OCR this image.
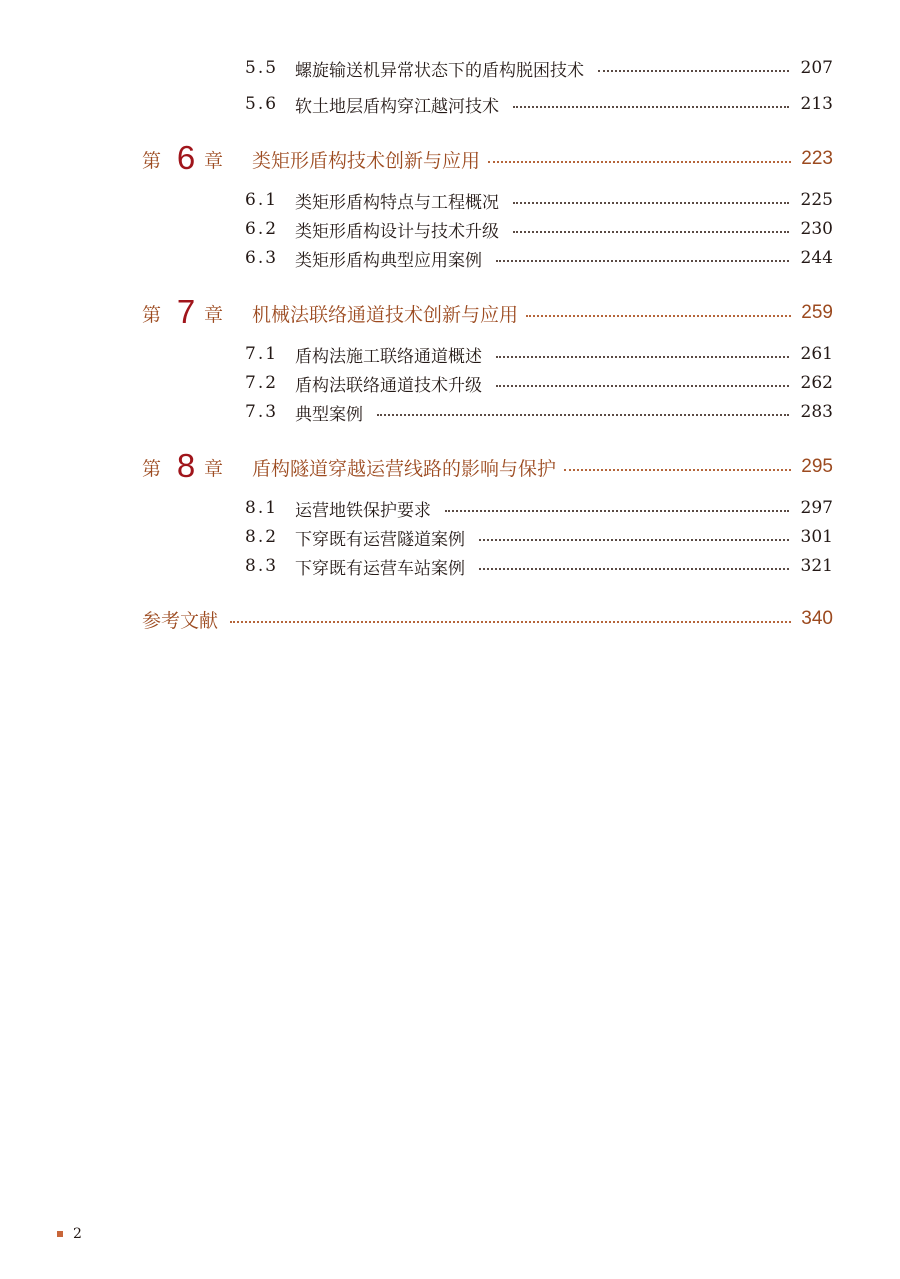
5.5 螺旋输送机异常状态下的盾构脱困技术	207
5.6 软土地层盾构穿江越河技术	213
第 6 章	类矩形盾构技术创新与应用	223
6.1 类矩形盾构特点与工程概况	225
6.2 类矩形盾构设计与技术升级	230
6.3 类矩形盾构典型应用案例	244
第 7 章	机械法联络通道技术创新与应用	259
7.1 盾构法施工联络通道概述	261
7.2 盾构法联络通道技术升级	262
7.3 典型案例	283
第 8 章	盾构隧道穿越运营线路的影响与保护	295
8.1 运营地铁保护要求	297
8.2 下穿既有运营隧道案例	301
8.3 下穿既有运营车站案例	321
参考文献	340
2
